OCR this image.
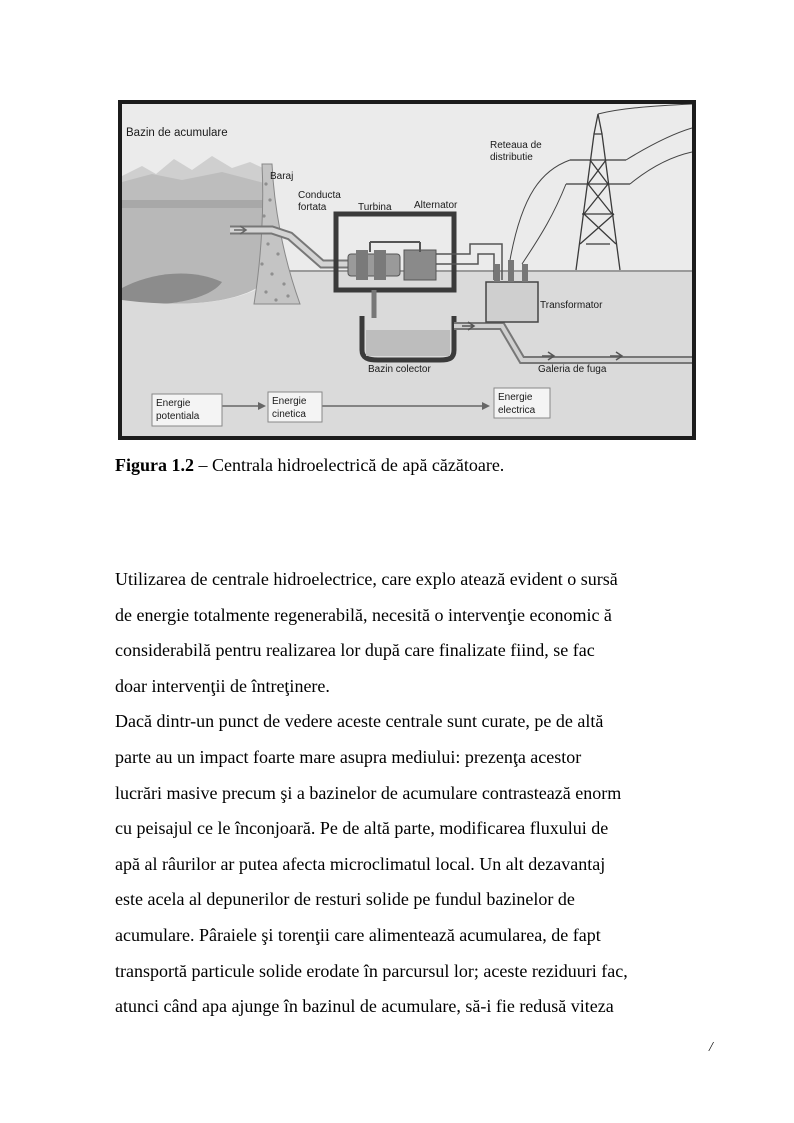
Bazin de acumulare
Baraj
Conducta
fortata	Turbina Alternator
Reteaua de
distributie
Transformator
Bazin colector	Galeria de fuga
Energie
potentiala
Energie
cinetica
Energie
electrica
Figura 1.2 – Centrala hidroelectrică de apă căzătoare.

Utilizarea de centrale hidroelectrice, care explo atează evident o sursă

de energie totalmente regenerabilă, necesită o intervenţie economic ă

considerabilă pentru realizarea lor după care finalizate fiind, se fac

doar intervenţii de întreţinere.

Dacă dintr-un punct de vedere aceste centrale sunt curate, pe de altă

parte au un impact foarte mare asupra mediului: prezenţa acestor

lucrări masive precum şi a bazinelor de acumulare contrastează enorm

cu peisajul ce le înconjoară. Pe de altă parte, modificarea fluxului de

apă al râurilor ar putea afecta microclimatul local. Un alt dezavantaj

este acela al depunerilor de resturi solide pe fundul bazinelor de

acumulare. Pâraiele şi torenţii care alimentează acumularea, de fapt

transportă particule solide erodate în parcursul lor; aceste reziduuri fac,

atunci când apa ajunge în bazinul de acumulare, să-i fie redusă viteza

/
